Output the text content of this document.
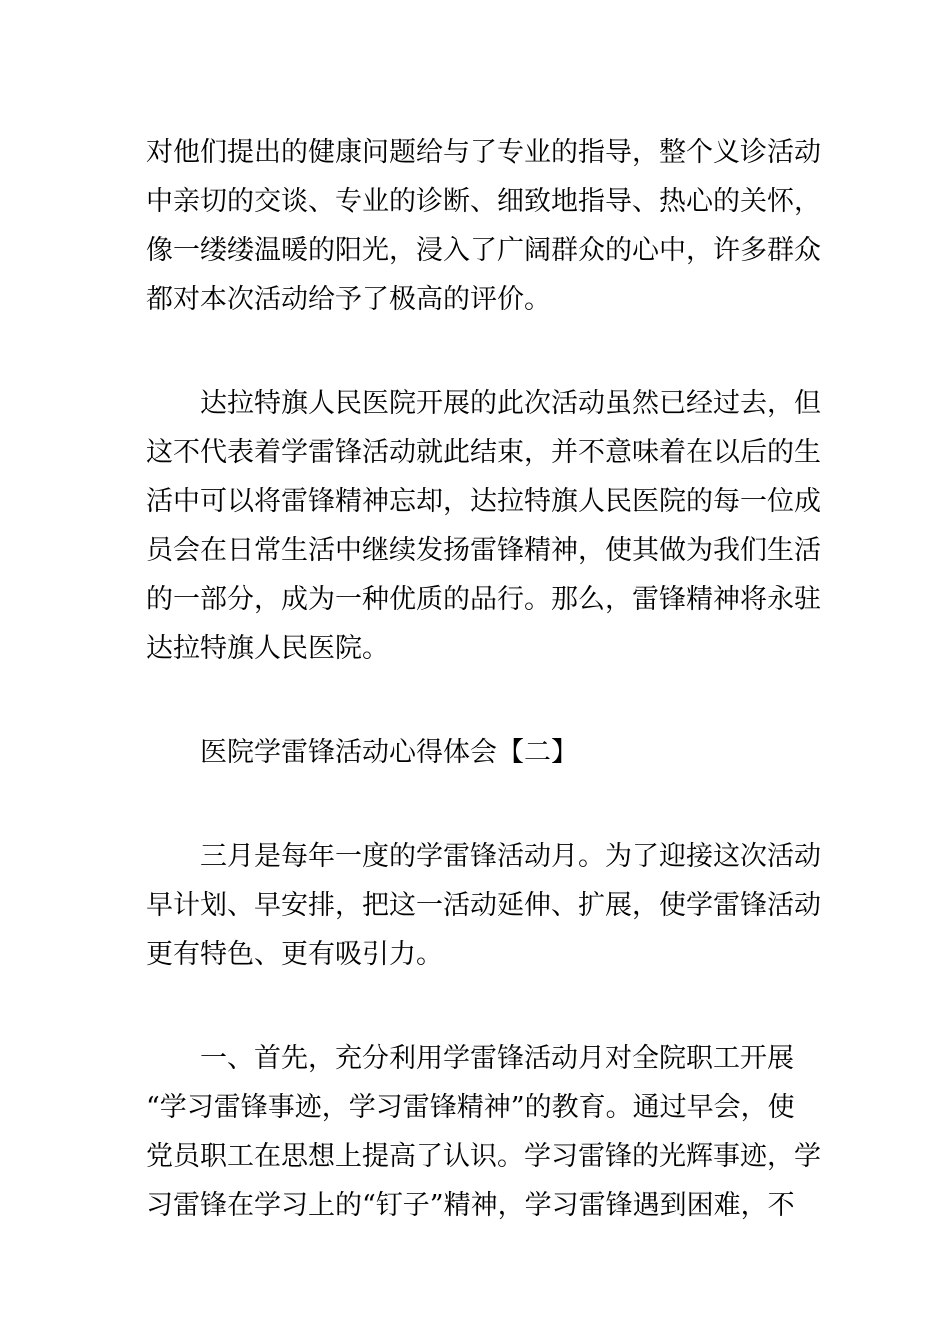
对他们提出的健康问题给与了专业的指导，整个义诊活动
中亲切的交谈、专业的诊断、细致地指导、热心的关怀，
像一缕缕温暖的阳光，浸入了广阔群众的心中，许多群众
都对本次活动给予了极高的评价。

达拉特旗人民医院开展的此次活动虽然已经过去，但
这不代表着学雷锋活动就此结束，并不意味着在以后的生
活中可以将雷锋精神忘却，达拉特旗人民医院的每一位成
员会在日常生活中继续发扬雷锋精神，使其做为我们生活
的一部分，成为一种优质的品行。那么，雷锋精神将永驻
达拉特旗人民医院。

医院学雷锋活动心得体会【二】

三月是每年一度的学雷锋活动月。为了迎接这次活动
早计划、早安排，把这一活动延伸、扩展，使学雷锋活动
更有特色、更有吸引力。

一、首先，充分利用学雷锋活动月对全院职工开展
“学习雷锋事迹，学习雷锋精神”的教育。通过早会，使
党员职工在思想上提高了认识。学习雷锋的光辉事迹，学
习雷锋在学习上的“钉子”精神，学习雷锋遇到困难，不
